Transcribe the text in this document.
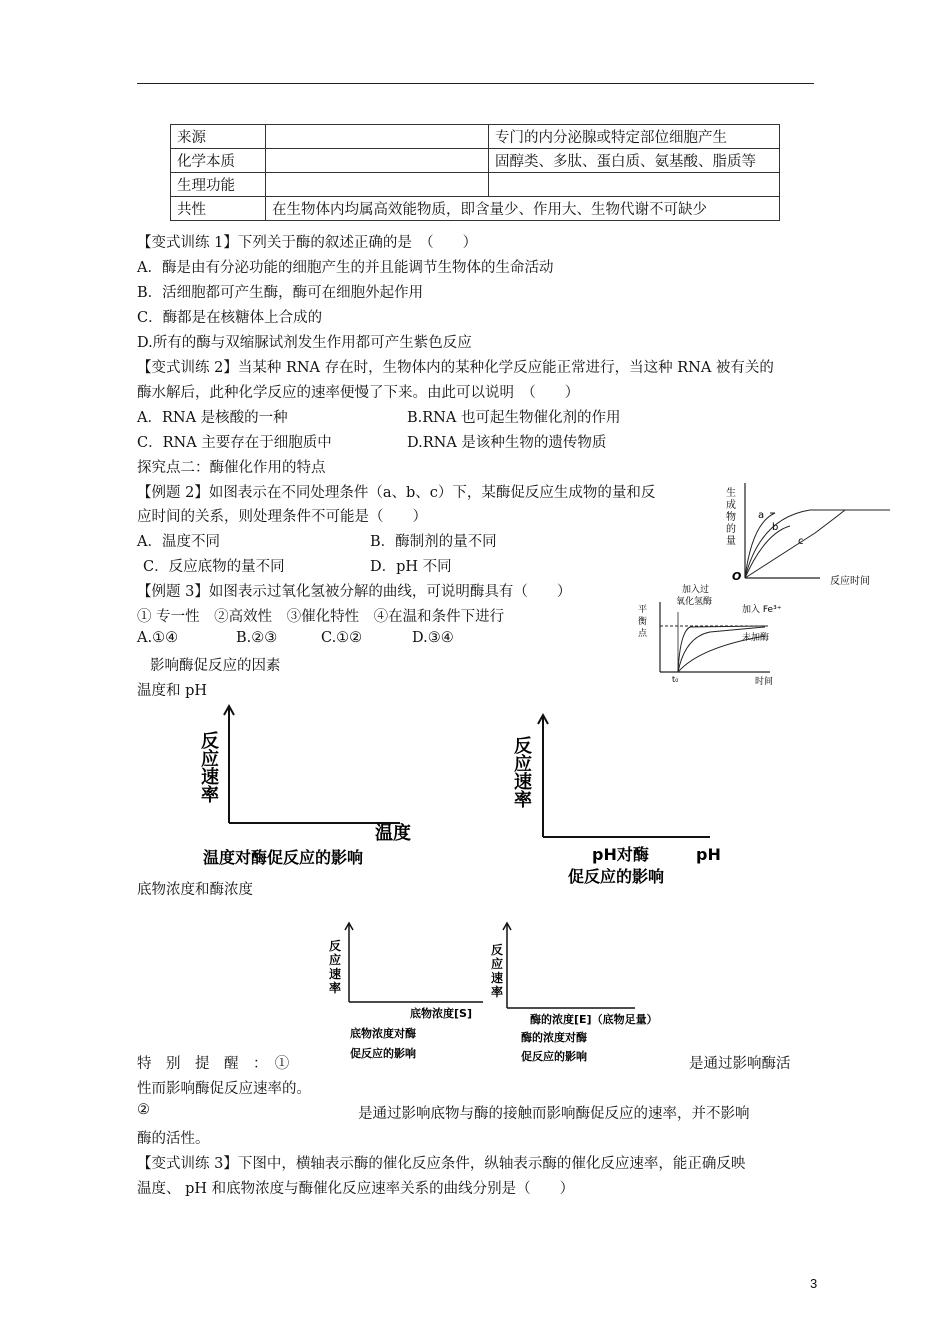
来源		专门的内分泌腺或特定部位细胞产生
化学本质		固醇类、多肽、蛋白质、氨基酸、脂质等
生理功能		
共性	在生物体内均属高效能物质，即含量少、作用大、生物代谢不可缺少	
【变式训练 1】下列关于酶的叙述正确的是　（　　）
A．酶是由有分泌功能的细胞产生的并且能调节生物体的生命活动
B．活细胞都可产生酶，酶可在细胞外起作用
C．酶都是在核糖体上合成的
D.所有的酶与双缩脲试剂发生作用都可产生紫色反应
【变式训练 2】当某种 RNA 存在时，生物体内的某种化学反应能正常进行，当这种 RNA 被有关的
酶水解后，此种化学反应的速率便慢了下来。由此可以说明　（　　）
A．RNA 是核酸的一种	B.RNA 也可起生物催化剂的作用
C．RNA 主要存在于细胞质中	D.RNA 是该种生物的遗传物质
探究点二：酶催化作用的特点
【例题 2】如图表示在不同处理条件（a、b、c）下，某酶促反应生成物的量和反
应时间的关系，则处理条件不可能是（　　）
A．温度不同	B．酶制剂的量不同
C．反应底物的量不同	D．pH 不同
【例题 3】如图表示过氧化氢被分解的曲线，可说明酶具有（　　）
① 专一性　②高效性　③催化特性　④在温和条件下进行
A.①④	B.②③	C.①②	D.③④
影响酶促反应的因素
温度和 pH
生
成
物
的
量
O
a
b
c
反应时间
加入过
氧化氢酶
加入 Fe³⁺
未加酶
平
衡
点
t₀	时间
反
应
速
率
温度
温度对酶促反应的影响
反
应
速
率
pH对酶	pH
促反应的影响
底物浓度和酶浓度
反
应
速
率
底物浓度[S]
底物浓度对酶
促反应的影响
反
应
速
率
酶的浓度[E]（底物足量）
酶的浓度对酶
促反应的影响
特　别　提　醒　：　①	是通过影响酶活
性而影响酶促反应速率的。
②	是通过影响底物与酶的接触而影响酶促反应的速率，并不影响
酶的活性。
【变式训练 3】下图中，横轴表示酶的催化反应条件，纵轴表示酶的催化反应速率，能正确反映
温度、 pH 和底物浓度与酶催化反应速率关系的曲线分别是（　　）
3
